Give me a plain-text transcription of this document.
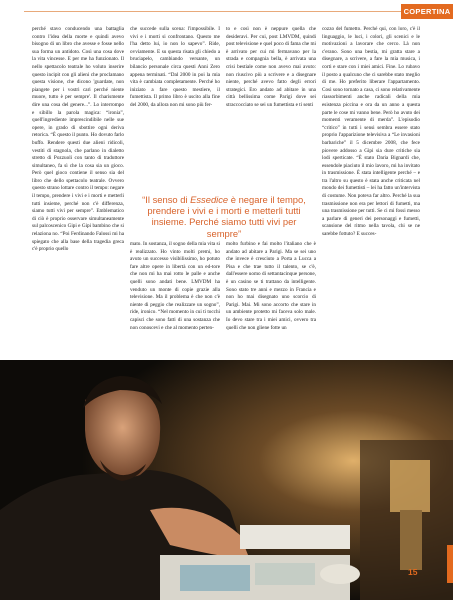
COPERTINA

perché stavo conducendo una battaglia contro l'idea della morte e quindi avevo bisogno di un libro che avesse e fosse nello sua forma un antidoto. Così una cosa dove la vita vincesse. E per me ha funzionato. Il nello spettacolo teatrale ho voluto inserire questo incipit con gli alieni che proclamano questa visione, che dicono 'guardate, non piangete per i vostri cari perché niente muore, tutto è per sempre'. Il charismente dire una cosa del genere...”. Lo interrompo e sibillo la parola magica: “ironia”, quell'ingrediente imprescindibile nelle sue opere, in grado di sbottire ogni deriva retorica. “È questo il punto. Ho dovuto farlo buffo. Rendere questi due alieni ridicoli, vestiti di stagnola, che parlano in dialetto stretto di Pozzuoli con tanto di traduttore simultaneo, fa sì che la cosa sia un gioco. Però quel gioco contiene il senso sia del libro che dello spettacolo teatrale. Ovvero questo strano lottare contro il tempo: negare il tempo, prendere i vivi e i morti e metterli tutti insieme, perché non c'è differenza, siamo tutti vivi per sempre”. Emblematico di ciò è proprio osservare simultaneamente sul palcoscenico Gipi e Gipi bambino che si relaziona no. “Poi Ferdinando Falossi mi ha spiegato che alla base della tragedia greca c'è proprio quello

che succede sulla scena: l'impossibile. I vivi e i morti si confrontano. Questo me l'ha detto lui, io non lo sapevo”. Ride, ovviamente. E su questa risata gli chiedo a bruciapelo, cambiando versante, un bilancio personale circa questi Anni Zero appena terminati. “Dal 2000 in poi la mia vita è cambiata completamente. Perché ho iniziato a fare questo mestiere, il fumettista. Il primo libro è uscito alla fine del 2000, da allora non mi sono più fer-

to e così non è neppure quella che desideravi. Per cui, post LMVDM, quindi post televisione e quel poco di fama che mi è arrivato per cui mi fermavano per la strada e compagnia bella, è arrivata una crisi bestiale come non avevo mai avuto: non riuscivo più a scrivere e a disegnare niente, perché avevo fatto degli errori strategici. Ero andato ad abitare in una città bellissima come Parigi dove sei straccocciato se sei un fumettista e ti senti

“Il senso di Essedice è negare il tempo, prendere i vivi e i morti e metterli tutti insieme. Perché siamo tutti vivi per sempre”

mato. In sostanza, il sogno della mia vita si è realizzato. Ho vinto molti premi, ho avuto un successo visibilissimo, ho potuto fare altre opere in libertà con un ed-tore che non mi ha mai rotto le palle e anche quelli sono andati bene. LMVDM ha venduto un monte di copie grazie alla televisione. Ma il problema è che non c'è niente di peggio che realizzare un sogno”, ride, ironico. “Nel momento in cui ti tocchi capisci che sono fatti di una sostanza che non conoscevi e che al momento perten-

molto furbino e fai molto l'italiano che è andato ad abitare a Parigi. Ma se sei uno che invece è cresciuto a Porta a Lucca a Pisa e che trae tutto il talento, se c'è, dall'essere uomo di settantacinque persone, è un casino se ti trattano da intelligente. Sono stato tre anni e mezzo in Francia e non ho mai disegnato uno scorcio di Parigi. Mai. Mi sono accorto che stare in un ambiente protetto mi faceva solo male. Io devo stare tra i miei amici, ovvero tra quelli che non gliene fotte un

cozzo del fumetto. Perché qui, con loro, c'è il linguaggio, le luci, i colori, gli scenici e le motivazioni a lavorare che cerco. Là non c'erano. Sono una bestia, mi gratta stare a disegnare, a scrivere, a fare la mia musica, i corti e stare con i miei amici. Fine. Lo rubavo il posto a qualcuno che ci sarebbe stato meglio di me. Ho preferito liberare l'appartamento. Così sono tornato a casa, ci sono relativamente riassorbimenti anche radicali della mia esistenza piccina e ora da un anno a questa parte le cose mi vanno bene. Però ho avuto dei momenti veramente di merda”. L'episodio “critico” in tutti i sensi sembra essere stato proprio l'apparizione televisiva a “Le invasioni barbariche” il 5 dicembre 2008, che fece piovere addosso a Gipi sia dure critiche sia lodi sperticate. “È stato Daria Bignardi che, essendole piaciuto il mio lavoro, mi ha invitato in trasmissione. È stata intelligente perché – e tra l'altro su questo è stata anche criticata nel mondo dei fumettisti – lei ha fatto un'intervista di costume. Non poteva far altro. Perché la sua trasmissione non era per lettori di fumetti, ma una trasmissione per tutti. Se ci mi fossi messo a parlare di generi dei personaggi e fumetti, scansione del ritmo nella tavola, chi se ne sarebbe fottuto? E succes-

15
